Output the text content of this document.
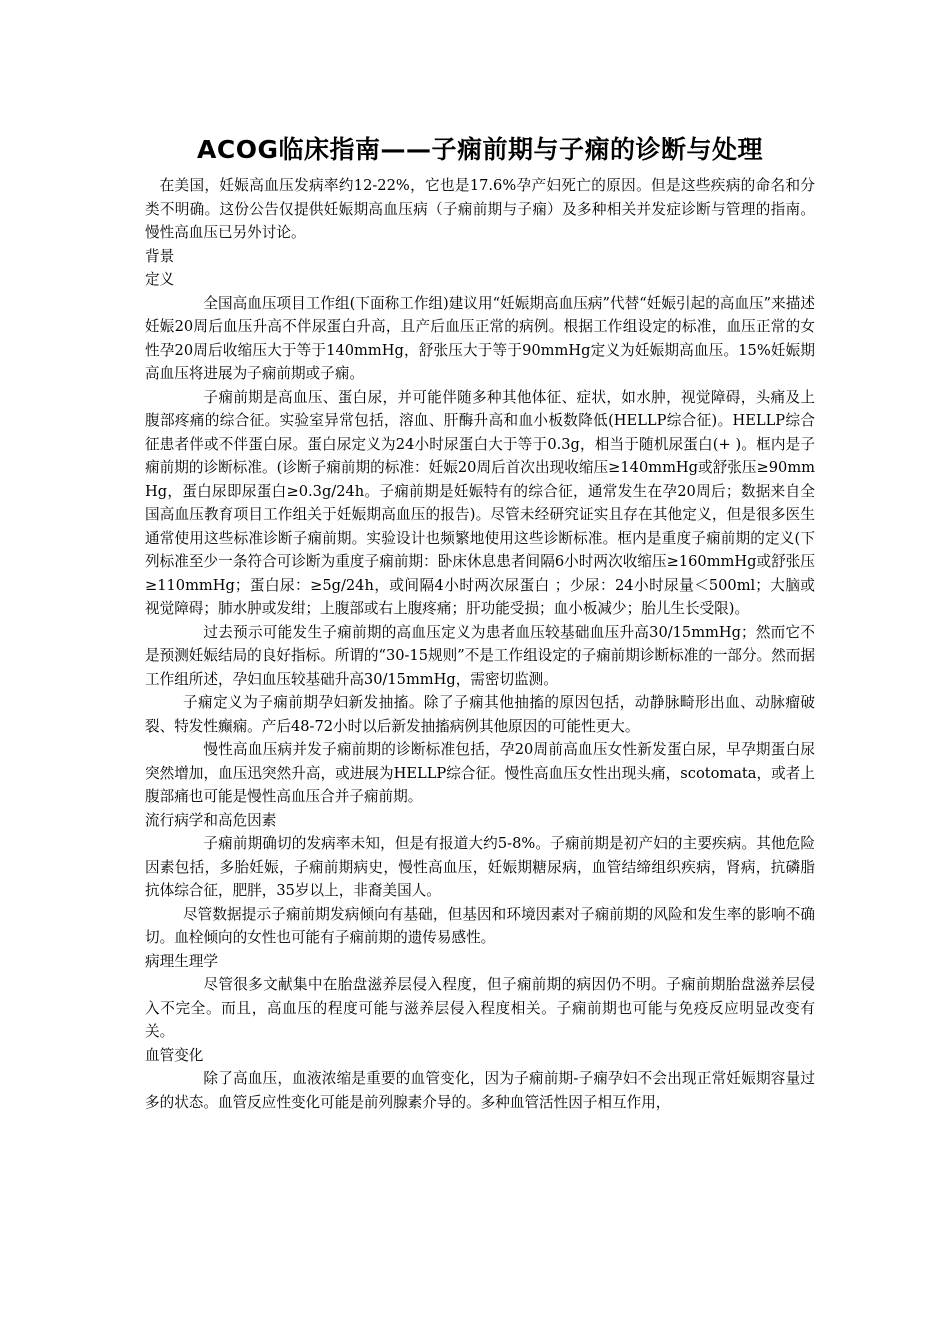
ACOG临床指南——子痫前期与子痫的诊断与处理

在美国，妊娠高血压发病率约12-22%，它也是17.6%孕产妇死亡的原因。但是这些疾病的命名和分类不明确。这份公告仅提供妊娠期高血压病（子痫前期与子痫）及多种相关并发症诊断与管理的指南。慢性高血压已另外讨论。

背景
定义

全国高血压项目工作组(下面称工作组)建议用“妊娠期高血压病”代替“妊娠引起的高血压”来描述妊娠20周后血压升高不伴尿蛋白升高，且产后血压正常的病例。根据工作组设定的标准，血压正常的女性孕20周后收缩压大于等于140mmHg，舒张压大于等于90mmHg定义为妊娠期高血压。15%妊娠期高血压将进展为子痫前期或子痫。

子痫前期是高血压、蛋白尿，并可能伴随多种其他体征、症状，如水肿，视觉障碍，头痛及上腹部疼痛的综合征。实验室异常包括，溶血、肝酶升高和血小板数降低(HELLP综合征)。HELLP综合征患者伴或不伴蛋白尿。蛋白尿定义为24小时尿蛋白大于等于0.3g，相当于随机尿蛋白(+ )。框内是子痫前期的诊断标准。(诊断子痫前期的标准：妊娠20周后首次出现收缩压≥140mmHg或舒张压≥90mmHg，蛋白尿即尿蛋白≥0.3g/24h。子痫前期是妊娠特有的综合征，通常发生在孕20周后；数据来自全国高血压教育项目工作组关于妊娠期高血压的报告)。尽管未经研究证实且存在其他定义，但是很多医生通常使用这些标准诊断子痫前期。实验设计也频繁地使用这些诊断标准。框内是重度子痫前期的定义(下列标准至少一条符合可诊断为重度子痫前期：卧床休息患者间隔6小时两次收缩压≥160mmHg或舒张压≥110mmHg；蛋白尿：≥5g/24h，或间隔4小时两次尿蛋白 ；少尿：24小时尿量＜500ml；大脑或视觉障碍；肺水肿或发绀；上腹部或右上腹疼痛；肝功能受损；血小板减少；胎儿生长受限)。

过去预示可能发生子痫前期的高血压定义为患者血压较基础血压升高30/15mmHg；然而它不是预测妊娠结局的良好指标。所谓的“30-15规则”不是工作组设定的子痫前期诊断标准的一部分。然而据工作组所述，孕妇血压较基础升高30/15mmHg，需密切监测。

子痫定义为子痫前期孕妇新发抽搐。除了子痫其他抽搐的原因包括，动静脉畸形出血、动脉瘤破裂、特发性癫痫。产后48-72小时以后新发抽搐病例其他原因的可能性更大。

慢性高血压病并发子痫前期的诊断标准包括，孕20周前高血压女性新发蛋白尿，早孕期蛋白尿突然增加，血压迅突然升高，或进展为HELLP综合征。慢性高血压女性出现头痛，scotomata，或者上腹部痛也可能是慢性高血压合并子痫前期。

流行病学和高危因素

子痫前期确切的发病率未知，但是有报道大约5-8%。子痫前期是初产妇的主要疾病。其他危险因素包括，多胎妊娠，子痫前期病史，慢性高血压，妊娠期糖尿病，血管结缔组织疾病，肾病，抗磷脂抗体综合征，肥胖，35岁以上，非裔美国人。

尽管数据提示子痫前期发病倾向有基础，但基因和环境因素对子痫前期的风险和发生率的影响不确切。血栓倾向的女性也可能有子痫前期的遗传易感性。

病理生理学

尽管很多文献集中在胎盘滋养层侵入程度，但子痫前期的病因仍不明。子痫前期胎盘滋养层侵入不完全。而且，高血压的程度可能与滋养层侵入程度相关。子痫前期也可能与免疫反应明显改变有关。

血管变化

除了高血压，血液浓缩是重要的血管变化，因为子痫前期-子痫孕妇不会出现正常妊娠期容量过多的状态。血管反应性变化可能是前列腺素介导的。多种血管活性因子相互作用，
